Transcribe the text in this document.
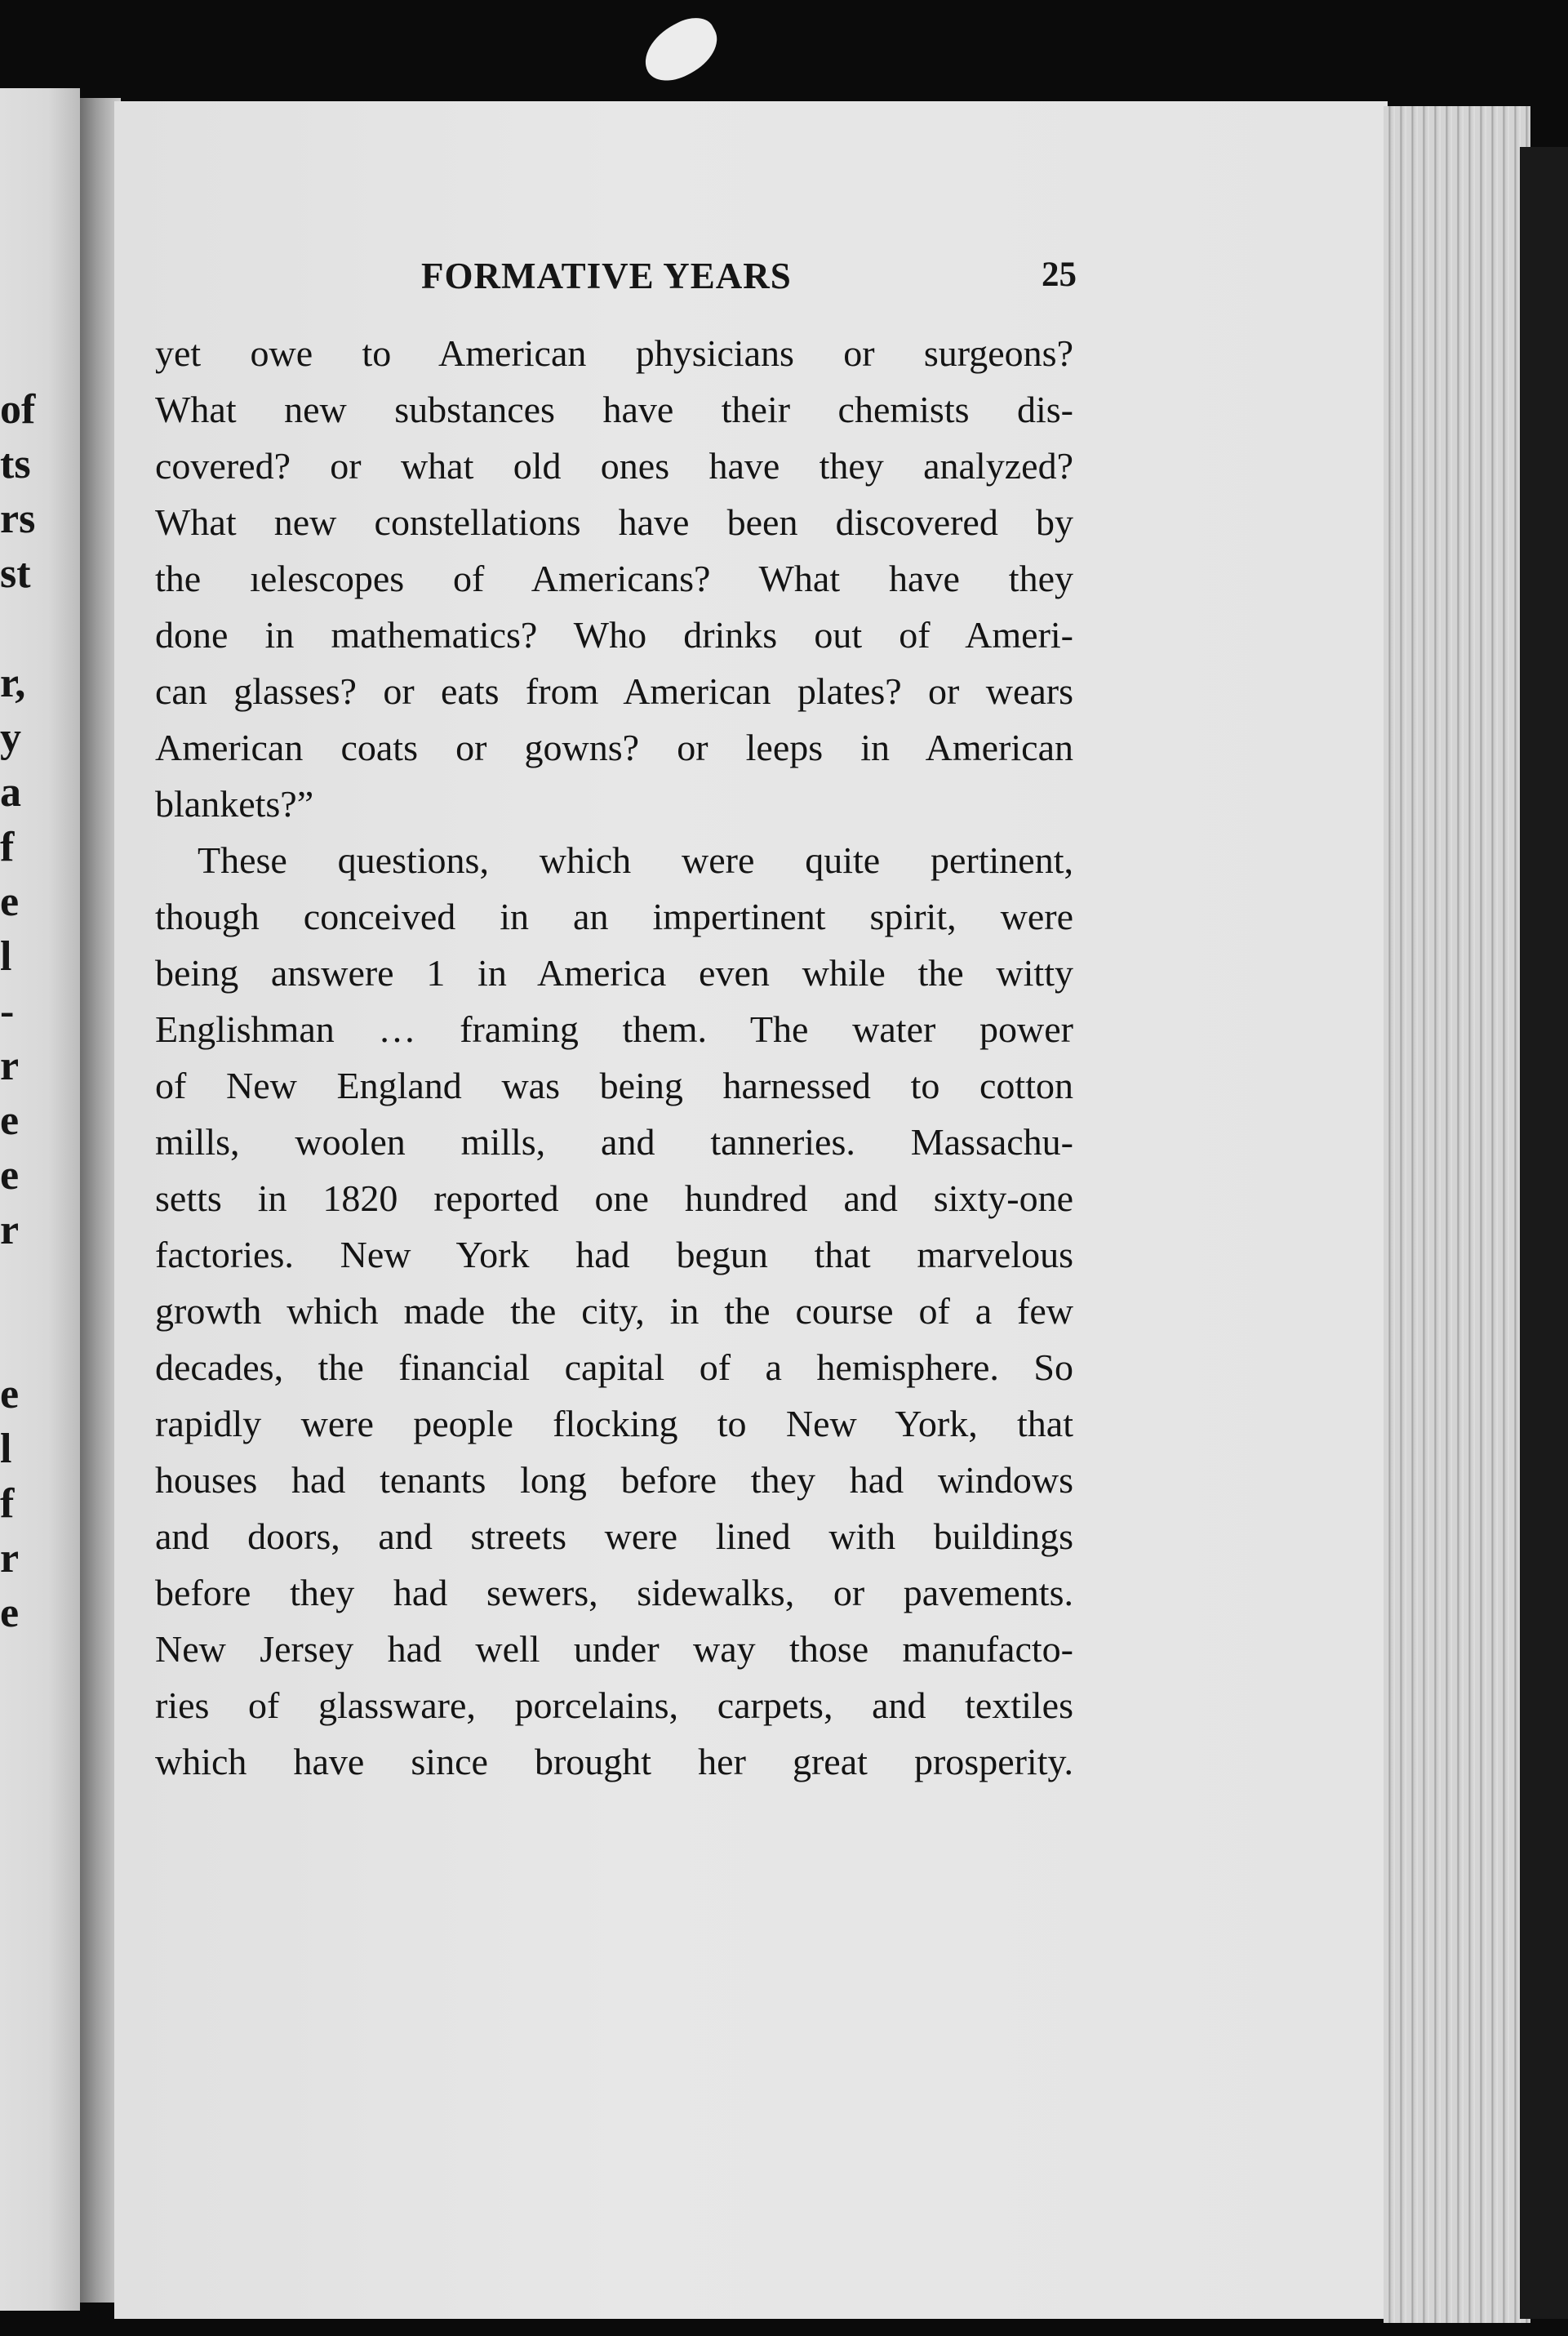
of
ts
rs
st
r,
y
a
f
e
l
-
r
e
e
r
e
l
f
r
e
FORMATIVE YEARS	25
yet owe to American physicians or surgeons?
What new substances have their chemists dis-
covered? or what old ones have they analyzed?
What new constellations have been discovered by
the ıelescopes of Americans? What have they
done in mathematics? Who drinks out of Ameri-
can glasses? or eats from American plates? or wears
American coats or gowns? or leeps in American
blankets?”
These questions, which were quite pertinent,
though conceived in an impertinent spirit, were
being answere 1 in America even while the witty
Englishman … framing them. The water power
of New England was being harnessed to cotton
mills, woolen mills, and tanneries. Massachu-
setts in 1820 reported one hundred and sixty-one
factories. New York had begun that marvelous
growth which made the city, in the course of a few
decades, the financial capital of a hemisphere. So
rapidly were people flocking to New York, that
houses had tenants long before they had windows
and doors, and streets were lined with buildings
before they had sewers, sidewalks, or pavements.
New Jersey had well under way those manufacto-
ries of glassware, porcelains, carpets, and textiles
which have since brought her great prosperity.
